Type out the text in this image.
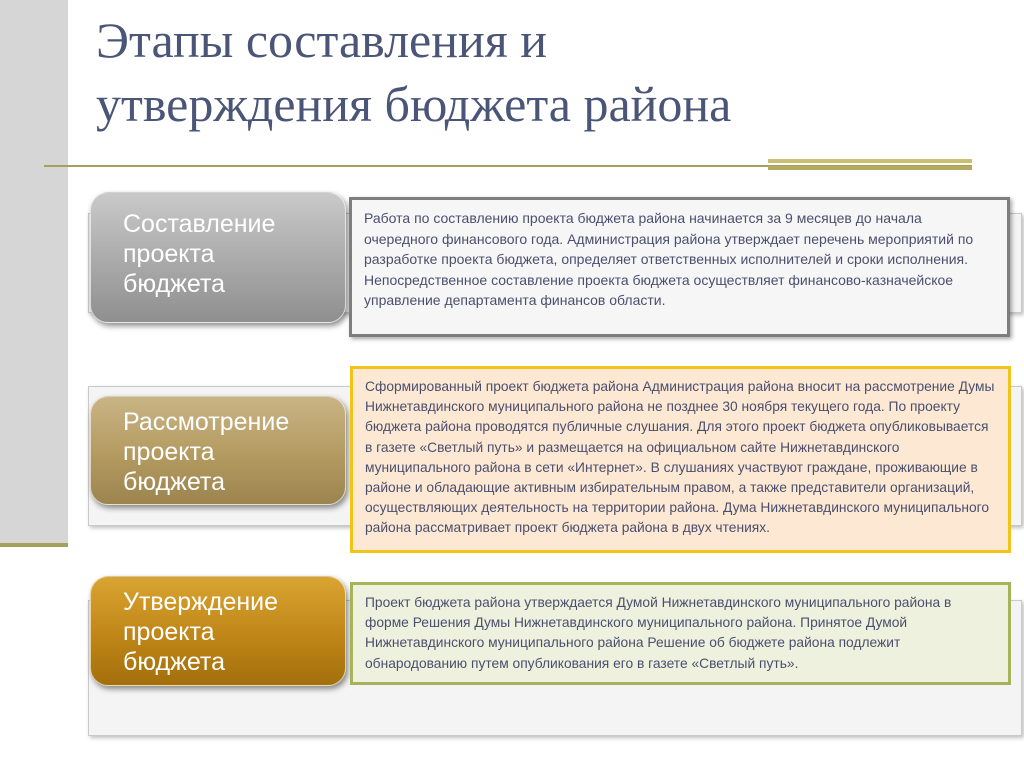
Этапы составления и
утверждения бюджета района
Составление
проекта
бюджета
Работа по составлению проекта бюджета района начинается за 9 месяцев до начала очередного финансового года. Администрация района утверждает перечень мероприятий по разработке проекта бюджета, определяет ответственных исполнителей и сроки исполнения. Непосредственное составление проекта бюджета осуществляет финансово-казначейское управление департамента финансов области.
Рассмотрение
проекта
бюджета
Сформированный проект бюджета района Администрация района вносит на рассмотрение Думы Нижнетавдинского муниципального района не позднее 30 ноября текущего года. По проекту бюджета района проводятся публичные слушания. Для этого проект бюджета опубликовывается в газете «Светлый путь» и размещается на официальном сайте Нижнетавдинского муниципального района в сети «Интернет». В слушаниях участвуют граждане, проживающие в районе и обладающие активным избирательным правом, а также представители организаций, осуществляющих деятельность на территории района. Дума Нижнетавдинского муниципального района рассматривает проект бюджета района в двух чтениях.
Утверждение
проекта
бюджета
Проект бюджета района утверждается Думой Нижнетавдинского муниципального района в форме Решения Думы Нижнетавдинского муниципального района. Принятое Думой Нижнетавдинского муниципального района Решение об бюджете района подлежит обнародованию путем опубликования его в газете «Светлый путь».
